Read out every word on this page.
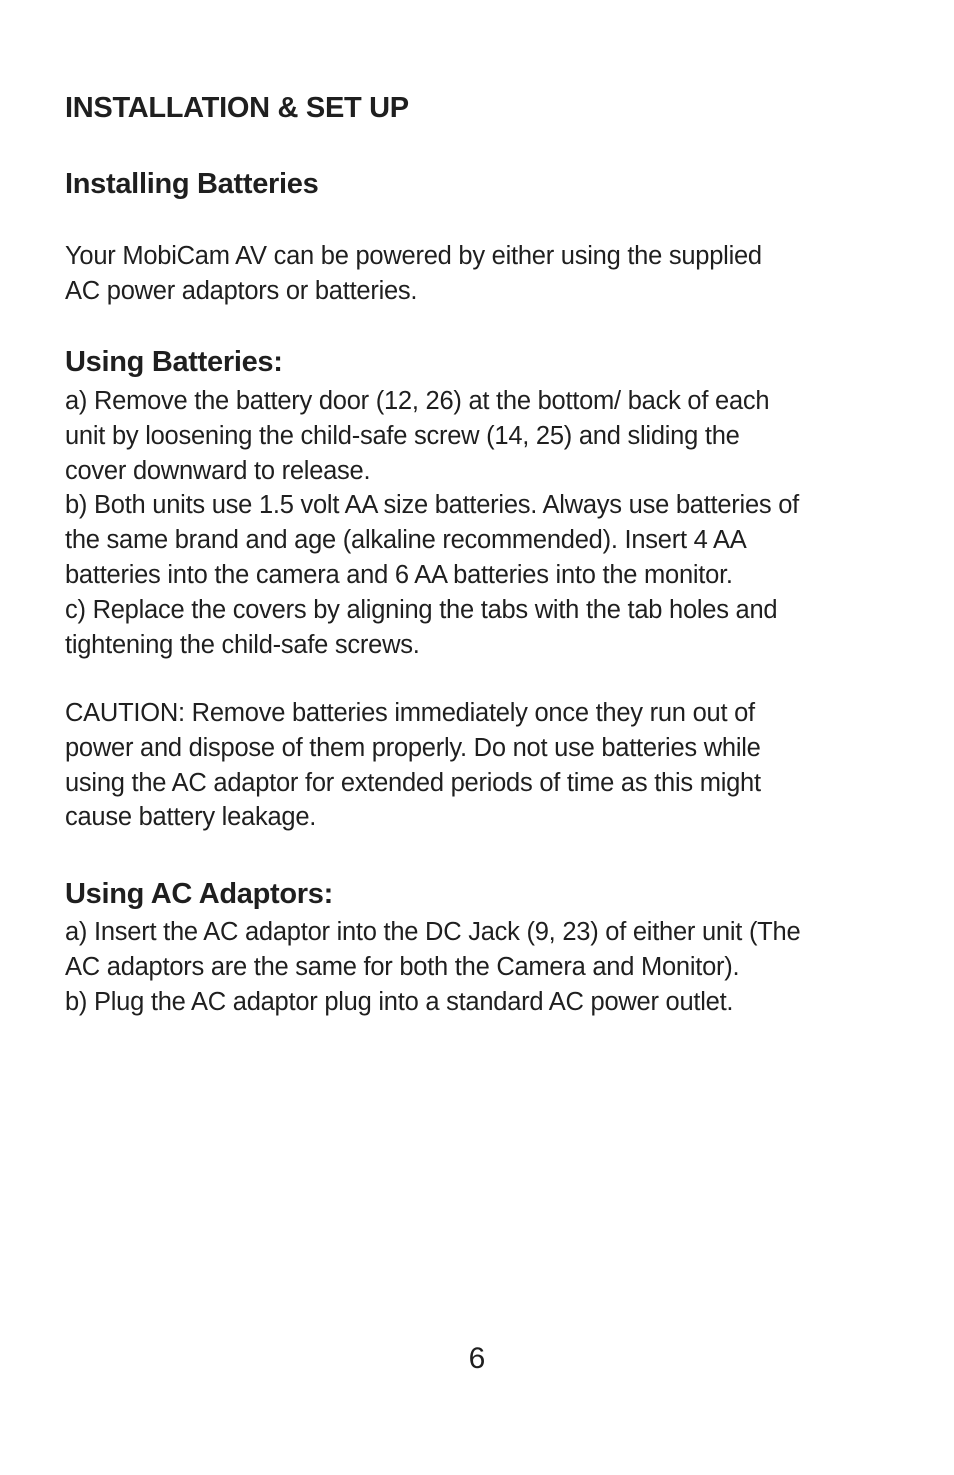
INSTALLATION & SET UP
Installing Batteries

Your MobiCam AV can be powered by either using the supplied
AC power adaptors or batteries.

Using Batteries:

a) Remove the battery door (12, 26) at the bottom/ back of each
unit by loosening the child-safe screw (14, 25) and sliding the
cover downward to release.
b) Both units use 1.5 volt AA size batteries. Always use batteries of
the same brand and age (alkaline recommended). Insert 4 AA
batteries into the camera and 6 AA batteries into the monitor.
c) Replace the covers by aligning the tabs with the tab holes and
tightening the child-safe screws.

CAUTION: Remove batteries immediately once they run out of
power and dispose of them properly. Do not use batteries while
using the AC adaptor for extended periods of time as this might
cause battery leakage.

Using AC Adaptors:

a) Insert the AC adaptor into the DC Jack (9, 23) of either unit (The
AC adaptors are the same for both the Camera and Monitor).
b) Plug the AC adaptor plug into a standard AC power outlet.

6
